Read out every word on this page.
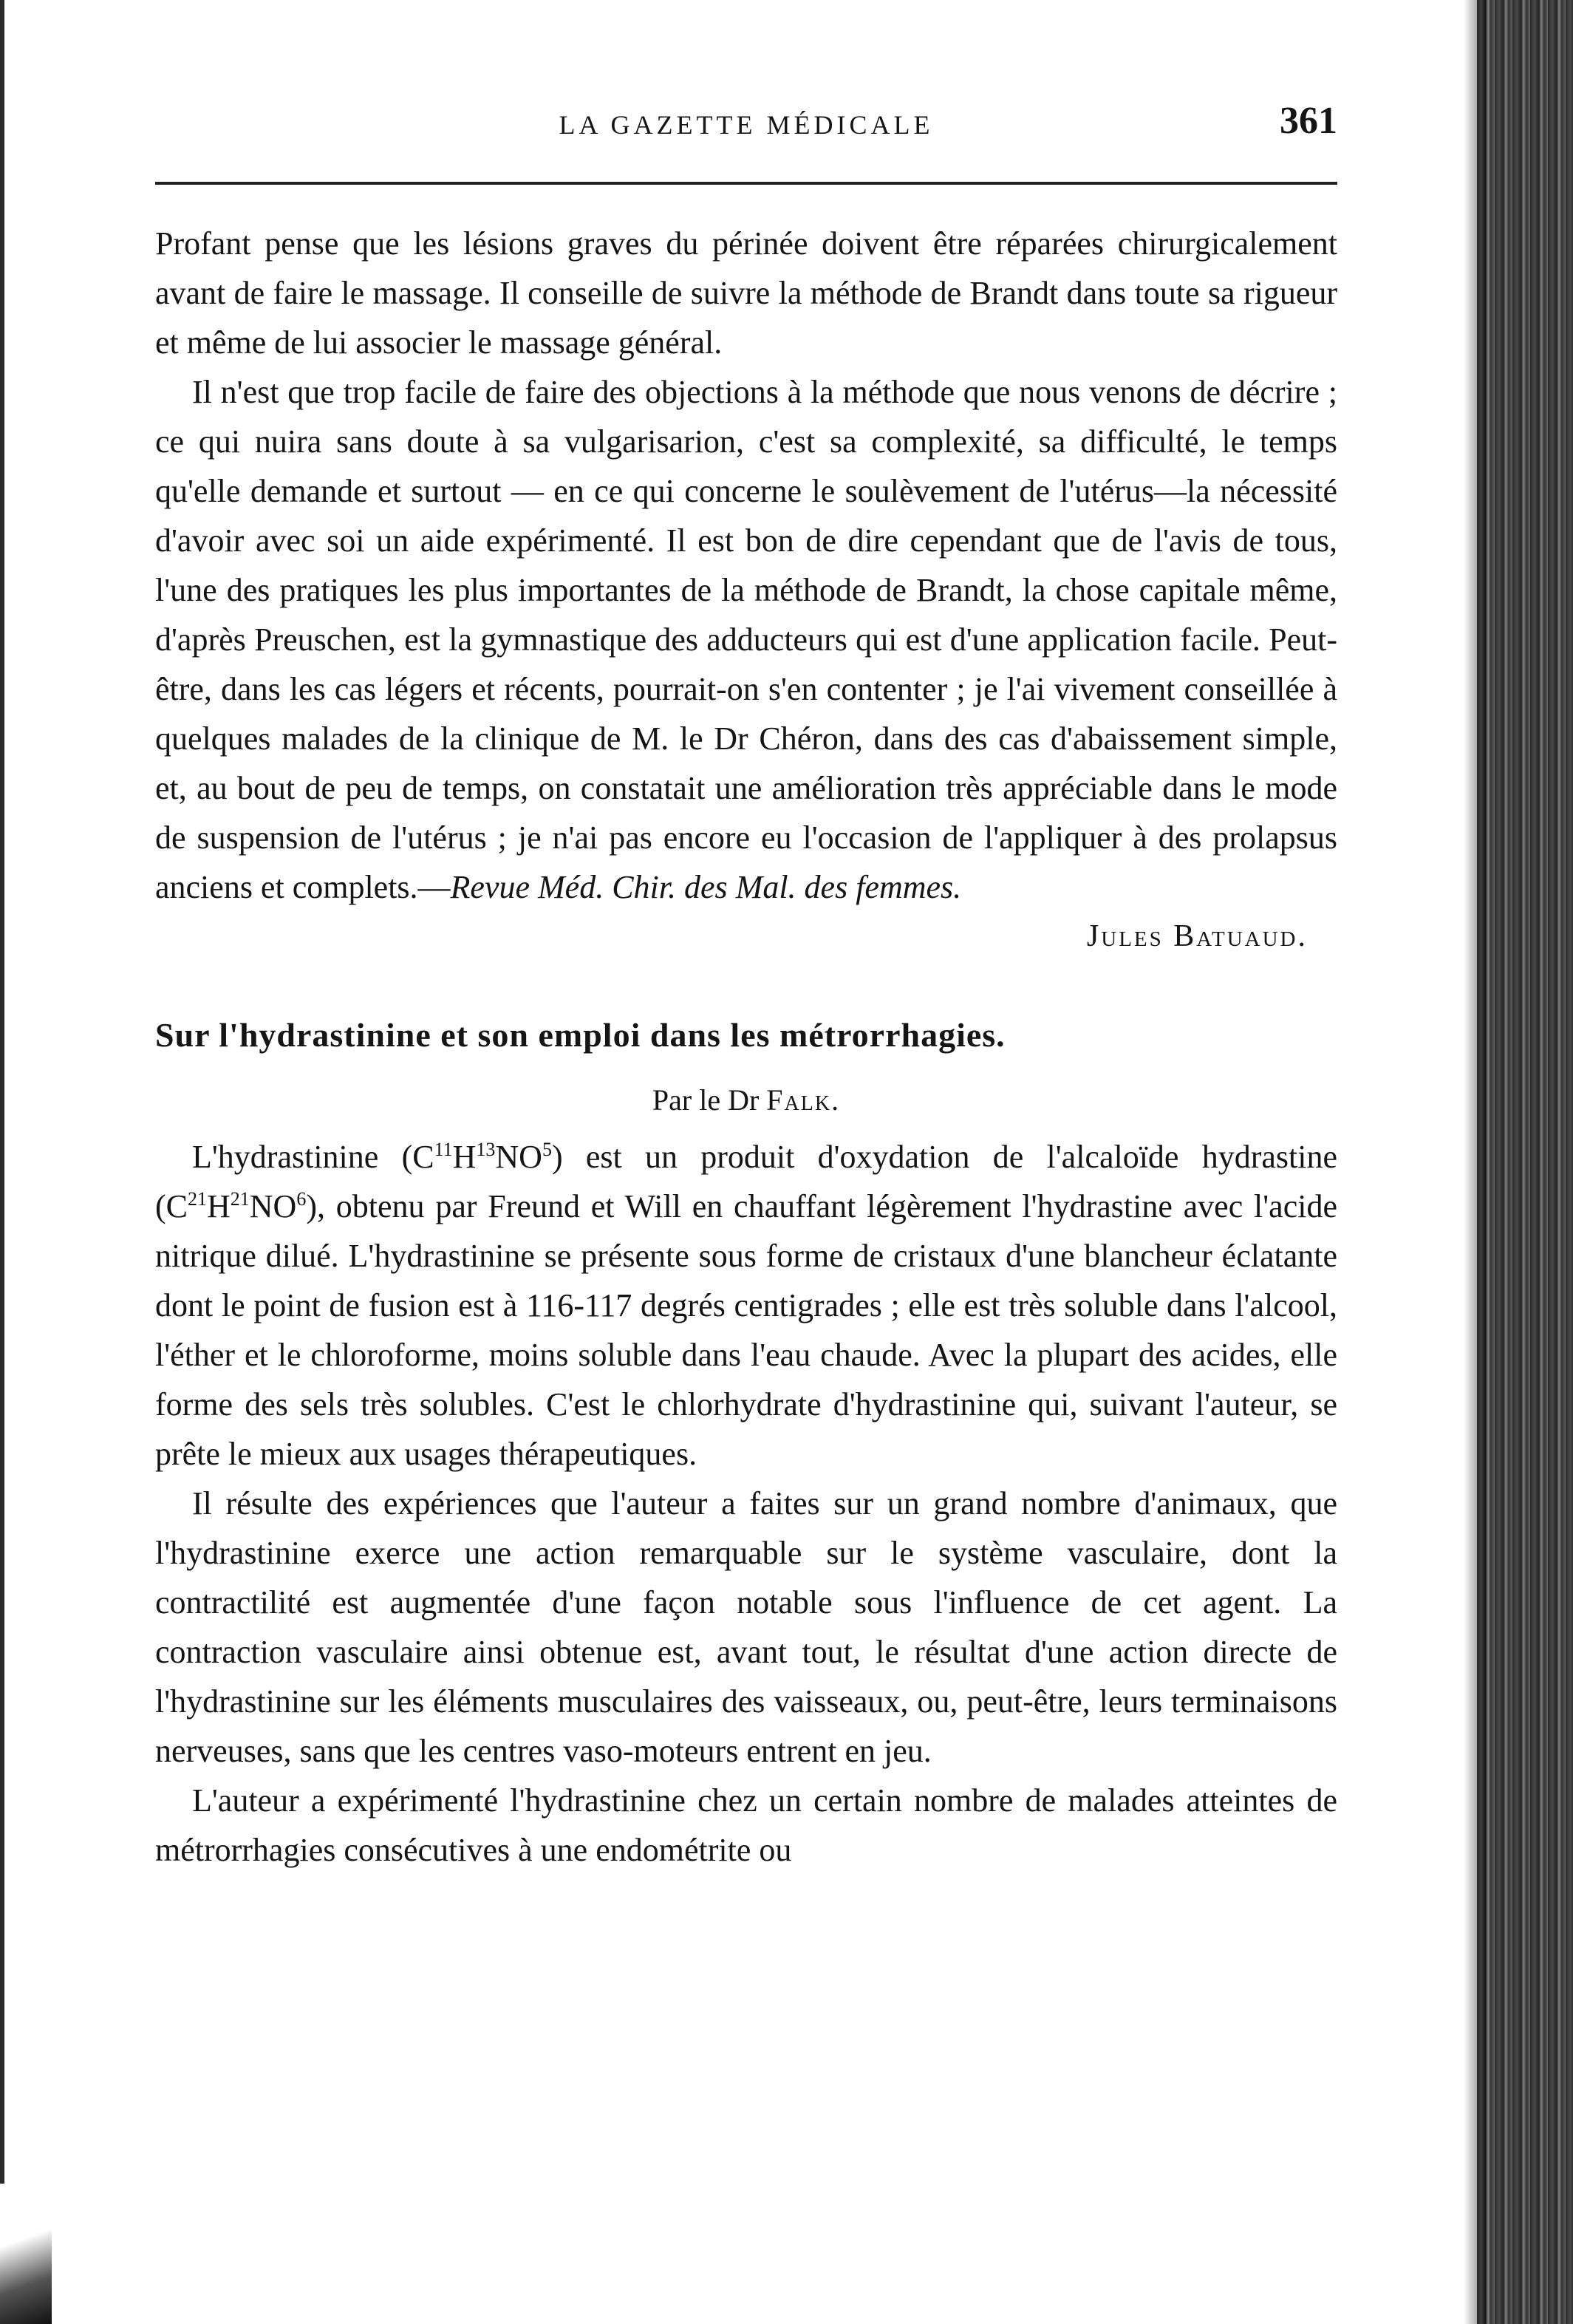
LA GAZETTE MÉDICALE	361

Profant pense que les lésions graves du périnée doivent être réparées chirurgicalement avant de faire le massage. Il conseille de suivre la méthode de Brandt dans toute sa rigueur et même de lui associer le massage général.

Il n'est que trop facile de faire des objections à la méthode que nous venons de décrire ; ce qui nuira sans doute à sa vulgarisarion, c'est sa complexité, sa difficulté, le temps qu'elle demande et surtout — en ce qui concerne le soulèvement de l'utérus—la nécessité d'avoir avec soi un aide expérimenté. Il est bon de dire cependant que de l'avis de tous, l'une des pratiques les plus importantes de la méthode de Brandt, la chose capitale même, d'après Preuschen, est la gymnastique des adducteurs qui est d'une application facile. Peut-être, dans les cas légers et récents, pourrait-on s'en contenter ; je l'ai vivement conseillée à quelques malades de la clinique de M. le Dr Chéron, dans des cas d'abaissement simple, et, au bout de peu de temps, on constatait une amélioration très appréciable dans le mode de suspension de l'utérus ; je n'ai pas encore eu l'occasion de l'appliquer à des prolapsus anciens et complets.—Revue Méd. Chir. des Mal. des femmes.

Jules Batuaud.
Sur l'hydrastinine et son emploi dans les métrorrhagies.
Par le Dr Falk.

L'hydrastinine $(C^{11}H^{13}NO^5)$ est un produit d'oxydation de l'alcaloïde hydrastine $(C^{21}H^{21}NO^6)$, obtenu par Freund et Will en chauffant légèrement l'hydrastine avec l'acide nitrique dilué. L'hydrastinine se présente sous forme de cristaux d'une blancheur éclatante dont le point de fusion est à 116-117 degrés centigrades ; elle est très soluble dans l'alcool, l'éther et le chloroforme, moins soluble dans l'eau chaude. Avec la plupart des acides, elle forme des sels très solubles. C'est le chlorhydrate d'hydrastinine qui, suivant l'auteur, se prête le mieux aux usages thérapeutiques.

Il résulte des expériences que l'auteur a faites sur un grand nombre d'animaux, que l'hydrastinine exerce une action remarquable sur le système vasculaire, dont la contractilité est augmentée d'une façon notable sous l'influence de cet agent. La contraction vasculaire ainsi obtenue est, avant tout, le résultat d'une action directe de l'hydrastinine sur les éléments musculaires des vaisseaux, ou, peut-être, leurs terminaisons nerveuses, sans que les centres vaso-moteurs entrent en jeu.

L'auteur a expérimenté l'hydrastinine chez un certain nombre de malades atteintes de métrorrhagies consécutives à une endométrite ou
